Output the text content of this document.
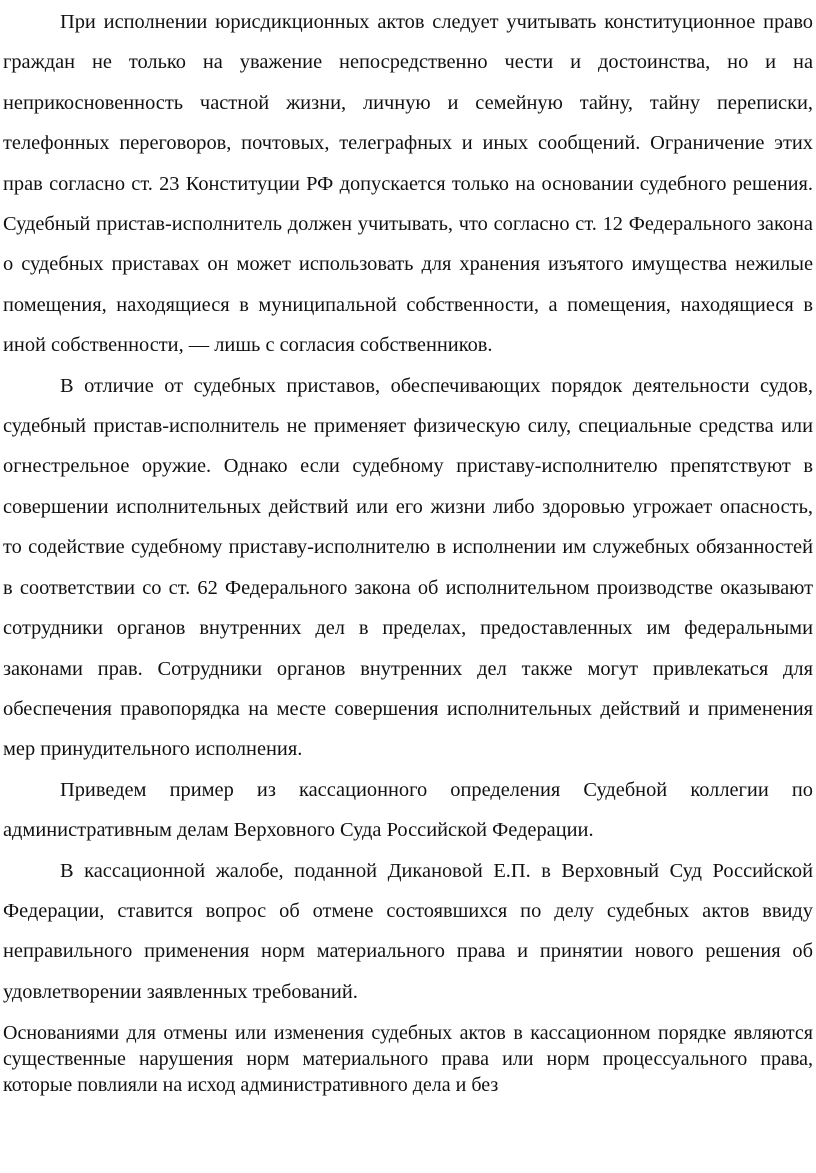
При исполнении юрисдикционных актов следует учитывать конституционное право граждан не только на уважение непосредственно чести и достоинства, но и на неприкосновенность частной жизни, личную и семейную тайну, тайну переписки, телефонных переговоров, почтовых, телеграфных и иных сообщений. Ограничение этих прав согласно ст. 23 Конституции РФ допускается только на основании судебного решения. Судебный пристав-исполнитель должен учитывать, что согласно ст. 12 Федерального закона о судебных приставах он может использовать для хранения изъятого имущества нежилые помещения, находящиеся в муниципальной собственности, а помещения, находящиеся в иной собственности, — лишь с согласия собственников.

В отличие от судебных приставов, обеспечивающих порядок деятельности судов, судебный пристав-исполнитель не применяет физическую силу, специальные средства или огнестрельное оружие. Однако если судебному приставу-исполнителю препятствуют в совершении исполнительных действий или его жизни либо здоровью угрожает опасность, то содействие судебному приставу-исполнителю в исполнении им служебных обязанностей в соответствии со ст. 62 Федерального закона об исполнительном производстве оказывают сотрудники органов внутренних дел в пределах, предоставленных им федеральными законами прав. Сотрудники органов внутренних дел также могут привлекаться для обеспечения правопорядка на месте совершения исполнительных действий и применения мер принудительного исполнения.

Приведем пример из кассационного определения Судебной коллегии по административным делам Верховного Суда Российской Федерации.

В кассационной жалобе, поданной Дикановой Е.П. в Верховный Суд Российской Федерации, ставится вопрос об отмене состоявшихся по делу судебных актов ввиду неправильного применения норм материального права и принятии нового решения об удовлетворении заявленных требований.

Основаниями для отмены или изменения судебных актов в кассационном порядке являются существенные нарушения норм материального права или норм процессуального права, которые повлияли на исход административного дела и без
